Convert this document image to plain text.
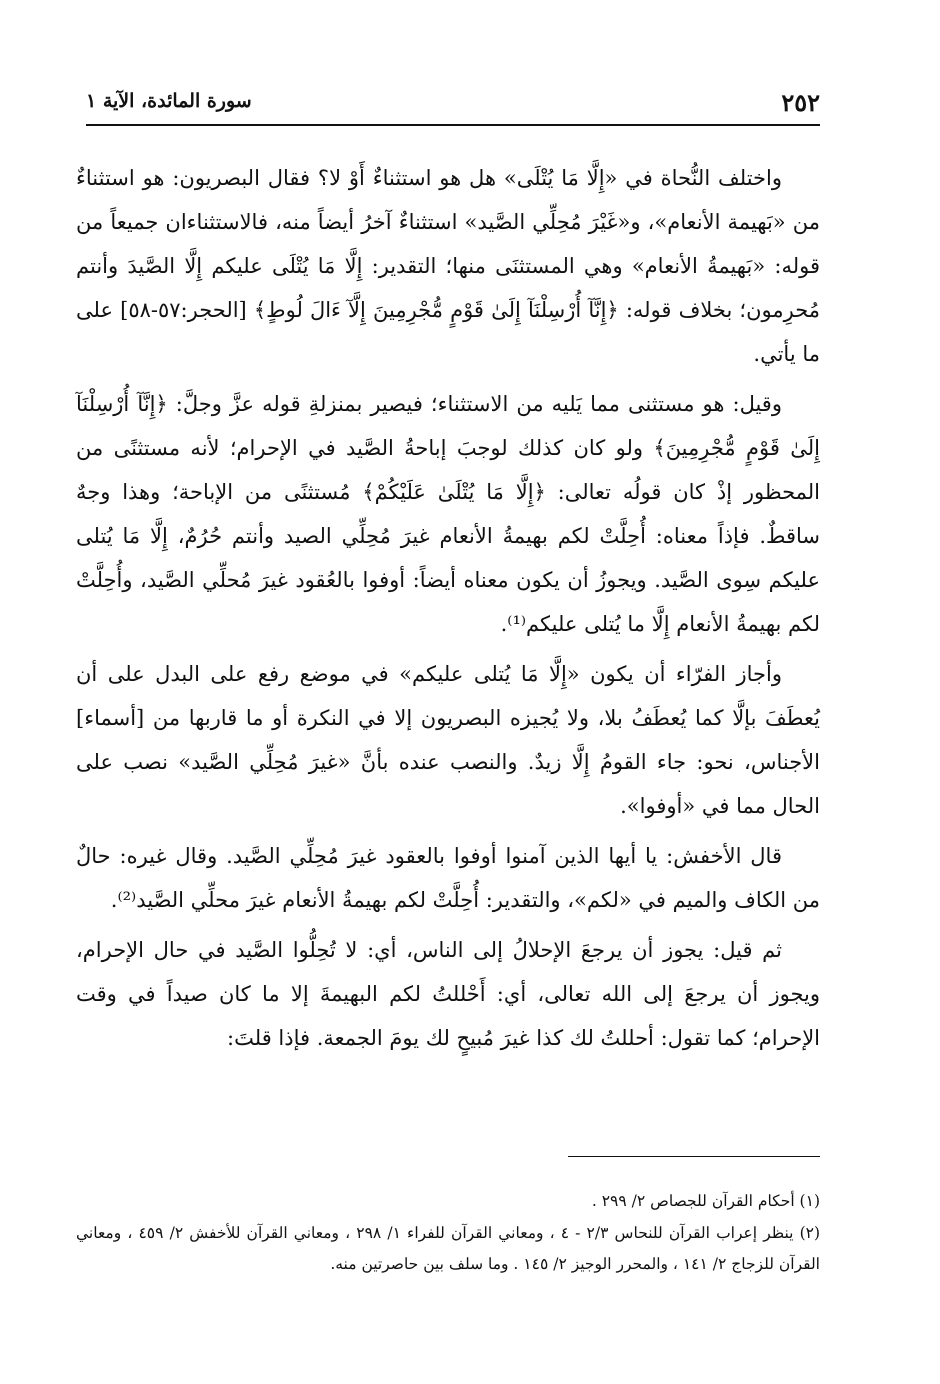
٢٥٢
سورة المائدة، الآية ١

واختلف النُّحاة في «إِلَّا مَا يُتْلَى» هل هو استثناءٌ أَوْ لا؟ فقال البصريون: هو استثناءٌ من «بَهيمة الأنعام»، و«غَيْرَ مُحِلِّي الصَّيد» استثناءٌ آخرُ أيضاً منه، فالاستثناءان جميعاً من قوله: «بَهيمةُ الأنعام» وهي المستثنَى منها؛ التقدير: إِلَّا مَا يُتْلَى عليكم إِلَّا الصَّيدَ وأنتم مُحرِمون؛ بخلاف قوله: ﴿إِنَّآ أُرْسِلْنَآ إِلَىٰ قَوْمٍ مُّجْرِمِينَ إِلَّآ ءَالَ لُوطٍ﴾ [الحجر:٥٧-٥٨] على ما يأتي.

وقيل: هو مستثنى مما يَليه من الاستثناء؛ فيصير بمنزلةِ قوله عزَّ وجلَّ: ﴿إِنَّآ أُرْسِلْنَآ إِلَىٰ قَوْمٍ مُّجْرِمِينَ﴾ ولو كان كذلك لوجبَ إباحةُ الصَّيد في الإحرام؛ لأنه مستثنًى من المحظور إذْ كان قولُه تعالى: ﴿إِلَّا مَا يُتْلَىٰ عَلَيْكُمْ﴾ مُستثنًى من الإباحة؛ وهذا وجهٌ ساقطٌ. فإذاً معناه: أُحِلَّتْ لكم بهيمةُ الأنعام غيرَ مُحِلِّي الصيد وأنتم حُرُمٌ، إِلَّا مَا يُتلى عليكم سِوى الصَّيد. ويجوزُ أن يكون معناه أيضاً: أوفوا بالعُقود غيرَ مُحلِّي الصَّيد، وأُحِلَّتْ لكم بهيمةُ الأنعام إِلَّا ما يُتلى عليكم⁽¹⁾.

وأجاز الفرّاء أن يكون «إِلَّا مَا يُتلى عليكم» في موضع رفع على البدل على أن يُعطَفَ بإلَّا كما يُعطَفُ بلا، ولا يُجيزه البصريون إلا في النكرة أو ما قاربها من [أسماء] الأجناس، نحو: جاء القومُ إِلَّا زيدٌ. والنصب عنده بأنَّ «غيرَ مُحِلِّي الصَّيد» نصب على الحال مما في «أوفوا».

قال الأخفش: يا أيها الذين آمنوا أوفوا بالعقود غيرَ مُحِلِّي الصَّيد. وقال غيره: حالٌ من الكاف والميم في «لكم»، والتقدير: أُحِلَّتْ لكم بهيمةُ الأنعام غيرَ محلِّي الصَّيد⁽²⁾.

ثم قيل: يجوز أن يرجعَ الإحلالُ إلى الناس، أي: لا تُحِلُّوا الصَّيد في حال الإحرام، ويجوز أن يرجعَ إلى الله تعالى، أي: أَحْللتُ لكم البهيمةَ إلا ما كان صيداً في وقت الإحرام؛ كما تقول: أحللتُ لك كذا غيرَ مُبيحٍ لك يومَ الجمعة. فإذا قلتَ:

(١) أحكام القرآن للجصاص ٢/ ٢٩٩ .

(٢) ينظر إعراب القرآن للنحاس ٢/٣ - ٤ ، ومعاني القرآن للفراء ١/ ٢٩٨ ، ومعاني القرآن للأخفش ٢/ ٤٥٩ ، ومعاني القرآن للزجاج ٢/ ١٤١ ، والمحرر الوجيز ٢/ ١٤٥ . وما سلف بين حاصرتين منه.
